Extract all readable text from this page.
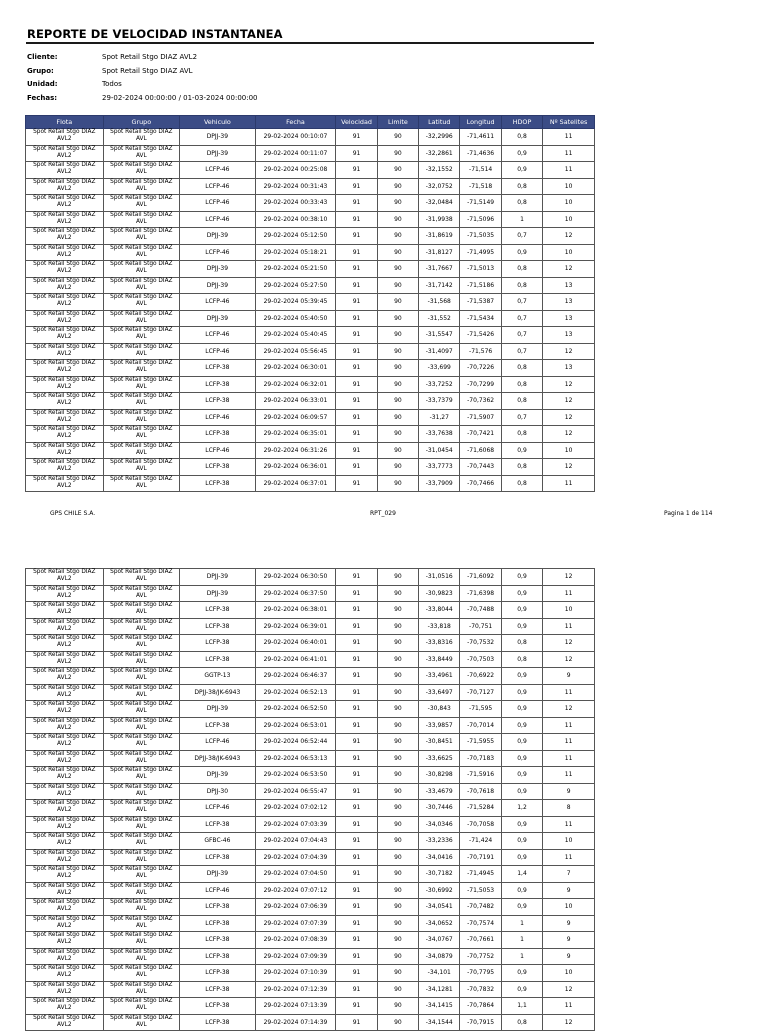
REPORTE DE VELOCIDAD INSTANTANEA
Cliente:	Spot Retail Stgo DIAZ AVL2
Grupo:	Spot Retail Stgo DIAZ AVL
Unidad:	Todos
Fechas:	29-02-2024 00:00:00 / 01-03-2024 00:00:00
Flota	Grupo	Vehiculo	Fecha	Velocidad	Limite	Latitud	Longitud	HDOP	Nº Satelites
Spot Retail Stgo DIAZ AVL2	Spot Retail Stgo DIAZ AVL	DPJJ-39	29-02-2024 00:10:07	91	90	-32,2996	-71,4611	0,8	11
Spot Retail Stgo DIAZ AVL2	Spot Retail Stgo DIAZ AVL	DPJJ-39	29-02-2024 00:11:07	91	90	-32,2861	-71,4636	0,9	11
Spot Retail Stgo DIAZ AVL2	Spot Retail Stgo DIAZ AVL	LCFP-46	29-02-2024 00:25:08	91	90	-32,1552	-71,514	0,9	11
Spot Retail Stgo DIAZ AVL2	Spot Retail Stgo DIAZ AVL	LCFP-46	29-02-2024 00:31:43	91	90	-32,0752	-71,518	0,8	10
Spot Retail Stgo DIAZ AVL2	Spot Retail Stgo DIAZ AVL	LCFP-46	29-02-2024 00:33:43	91	90	-32,0484	-71,5149	0,8	10
Spot Retail Stgo DIAZ AVL2	Spot Retail Stgo DIAZ AVL	LCFP-46	29-02-2024 00:38:10	91	90	-31,9938	-71,5096	1	10
Spot Retail Stgo DIAZ AVL2	Spot Retail Stgo DIAZ AVL	DPJJ-39	29-02-2024 05:12:50	91	90	-31,8619	-71,5035	0,7	12
Spot Retail Stgo DIAZ AVL2	Spot Retail Stgo DIAZ AVL	LCFP-46	29-02-2024 05:18:21	91	90	-31,8127	-71,4995	0,9	10
Spot Retail Stgo DIAZ AVL2	Spot Retail Stgo DIAZ AVL	DPJJ-39	29-02-2024 05:21:50	91	90	-31,7667	-71,5013	0,8	12
Spot Retail Stgo DIAZ AVL2	Spot Retail Stgo DIAZ AVL	DPJJ-39	29-02-2024 05:27:50	91	90	-31,7142	-71,5186	0,8	13
Spot Retail Stgo DIAZ AVL2	Spot Retail Stgo DIAZ AVL	LCFP-46	29-02-2024 05:39:45	91	90	-31,568	-71,5387	0,7	13
Spot Retail Stgo DIAZ AVL2	Spot Retail Stgo DIAZ AVL	DPJJ-39	29-02-2024 05:40:50	91	90	-31,552	-71,5434	0,7	13
Spot Retail Stgo DIAZ AVL2	Spot Retail Stgo DIAZ AVL	LCFP-46	29-02-2024 05:40:45	91	90	-31,5547	-71,5426	0,7	13
Spot Retail Stgo DIAZ AVL2	Spot Retail Stgo DIAZ AVL	LCFP-46	29-02-2024 05:56:45	91	90	-31,4097	-71,576	0,7	12
Spot Retail Stgo DIAZ AVL2	Spot Retail Stgo DIAZ AVL	LCFP-38	29-02-2024 06:30:01	91	90	-33,699	-70,7226	0,8	13
Spot Retail Stgo DIAZ AVL2	Spot Retail Stgo DIAZ AVL	LCFP-38	29-02-2024 06:32:01	91	90	-33,7252	-70,7299	0,8	12
Spot Retail Stgo DIAZ AVL2	Spot Retail Stgo DIAZ AVL	LCFP-38	29-02-2024 06:33:01	91	90	-33,7379	-70,7362	0,8	12
Spot Retail Stgo DIAZ AVL2	Spot Retail Stgo DIAZ AVL	LCFP-46	29-02-2024 06:09:57	91	90	-31,27	-71,5907	0,7	12
Spot Retail Stgo DIAZ AVL2	Spot Retail Stgo DIAZ AVL	LCFP-38	29-02-2024 06:35:01	91	90	-33,7638	-70,7421	0,8	12
Spot Retail Stgo DIAZ AVL2	Spot Retail Stgo DIAZ AVL	LCFP-46	29-02-2024 06:31:26	91	90	-31,0454	-71,6068	0,9	10
Spot Retail Stgo DIAZ AVL2	Spot Retail Stgo DIAZ AVL	LCFP-38	29-02-2024 06:36:01	91	90	-33,7773	-70,7443	0,8	12
Spot Retail Stgo DIAZ AVL2	Spot Retail Stgo DIAZ AVL	LCFP-38	29-02-2024 06:37:01	91	90	-33,7909	-70,7466	0,8	11
GPS CHILE S.A.	RPT_029	Pagina 1 de 114
Spot Retail Stgo DIAZ AVL2	Spot Retail Stgo DIAZ AVL	DPJJ-39	29-02-2024 06:30:50	91	90	-31,0516	-71,6092	0,9	12
Spot Retail Stgo DIAZ AVL2	Spot Retail Stgo DIAZ AVL	DPJJ-39	29-02-2024 06:37:50	91	90	-30,9823	-71,6398	0,9	11
Spot Retail Stgo DIAZ AVL2	Spot Retail Stgo DIAZ AVL	LCFP-38	29-02-2024 06:38:01	91	90	-33,8044	-70,7488	0,9	10
Spot Retail Stgo DIAZ AVL2	Spot Retail Stgo DIAZ AVL	LCFP-38	29-02-2024 06:39:01	91	90	-33,818	-70,751	0,9	11
Spot Retail Stgo DIAZ AVL2	Spot Retail Stgo DIAZ AVL	LCFP-38	29-02-2024 06:40:01	91	90	-33,8316	-70,7532	0,8	12
Spot Retail Stgo DIAZ AVL2	Spot Retail Stgo DIAZ AVL	LCFP-38	29-02-2024 06:41:01	91	90	-33,8449	-70,7503	0,8	12
Spot Retail Stgo DIAZ AVL2	Spot Retail Stgo DIAZ AVL	GGTP-13	29-02-2024 06:46:37	91	90	-33,4961	-70,6922	0,9	9
Spot Retail Stgo DIAZ AVL2	Spot Retail Stgo DIAZ AVL	DPJJ-38/JK-6943	29-02-2024 06:52:13	91	90	-33,6497	-70,7127	0,9	11
Spot Retail Stgo DIAZ AVL2	Spot Retail Stgo DIAZ AVL	DPJJ-39	29-02-2024 06:52:50	91	90	-30,843	-71,595	0,9	12
Spot Retail Stgo DIAZ AVL2	Spot Retail Stgo DIAZ AVL	LCFP-38	29-02-2024 06:53:01	91	90	-33,9857	-70,7014	0,9	11
Spot Retail Stgo DIAZ AVL2	Spot Retail Stgo DIAZ AVL	LCFP-46	29-02-2024 06:52:44	91	90	-30,8451	-71,5955	0,9	11
Spot Retail Stgo DIAZ AVL2	Spot Retail Stgo DIAZ AVL	DPJJ-38/JK-6943	29-02-2024 06:53:13	91	90	-33,6625	-70,7183	0,9	11
Spot Retail Stgo DIAZ AVL2	Spot Retail Stgo DIAZ AVL	DPJJ-39	29-02-2024 06:53:50	91	90	-30,8298	-71,5916	0,9	11
Spot Retail Stgo DIAZ AVL2	Spot Retail Stgo DIAZ AVL	DPJJ-30	29-02-2024 06:55:47	91	90	-33,4679	-70,7618	0,9	9
Spot Retail Stgo DIAZ AVL2	Spot Retail Stgo DIAZ AVL	LCFP-46	29-02-2024 07:02:12	91	90	-30,7446	-71,5284	1,2	8
Spot Retail Stgo DIAZ AVL2	Spot Retail Stgo DIAZ AVL	LCFP-38	29-02-2024 07:03:39	91	90	-34,0346	-70,7058	0,9	11
Spot Retail Stgo DIAZ AVL2	Spot Retail Stgo DIAZ AVL	GFBC-46	29-02-2024 07:04:43	91	90	-33,2336	-71,424	0,9	10
Spot Retail Stgo DIAZ AVL2	Spot Retail Stgo DIAZ AVL	LCFP-38	29-02-2024 07:04:39	91	90	-34,0416	-70,7191	0,9	11
Spot Retail Stgo DIAZ AVL2	Spot Retail Stgo DIAZ AVL	DPJJ-39	29-02-2024 07:04:50	91	90	-30,7182	-71,4945	1,4	7
Spot Retail Stgo DIAZ AVL2	Spot Retail Stgo DIAZ AVL	LCFP-46	29-02-2024 07:07:12	91	90	-30,6992	-71,5053	0,9	9
Spot Retail Stgo DIAZ AVL2	Spot Retail Stgo DIAZ AVL	LCFP-38	29-02-2024 07:06:39	91	90	-34,0541	-70,7482	0,9	10
Spot Retail Stgo DIAZ AVL2	Spot Retail Stgo DIAZ AVL	LCFP-38	29-02-2024 07:07:39	91	90	-34,0652	-70,7574	1	9
Spot Retail Stgo DIAZ AVL2	Spot Retail Stgo DIAZ AVL	LCFP-38	29-02-2024 07:08:39	91	90	-34,0767	-70,7661	1	9
Spot Retail Stgo DIAZ AVL2	Spot Retail Stgo DIAZ AVL	LCFP-38	29-02-2024 07:09:39	91	90	-34,0879	-70,7752	1	9
Spot Retail Stgo DIAZ AVL2	Spot Retail Stgo DIAZ AVL	LCFP-38	29-02-2024 07:10:39	91	90	-34,101	-70,7795	0,9	10
Spot Retail Stgo DIAZ AVL2	Spot Retail Stgo DIAZ AVL	LCFP-38	29-02-2024 07:12:39	91	90	-34,1281	-70,7832	0,9	12
Spot Retail Stgo DIAZ AVL2	Spot Retail Stgo DIAZ AVL	LCFP-38	29-02-2024 07:13:39	91	90	-34,1415	-70,7864	1,1	11
Spot Retail Stgo DIAZ AVL2	Spot Retail Stgo DIAZ AVL	LCFP-38	29-02-2024 07:14:39	91	90	-34,1544	-70,7915	0,8	12
